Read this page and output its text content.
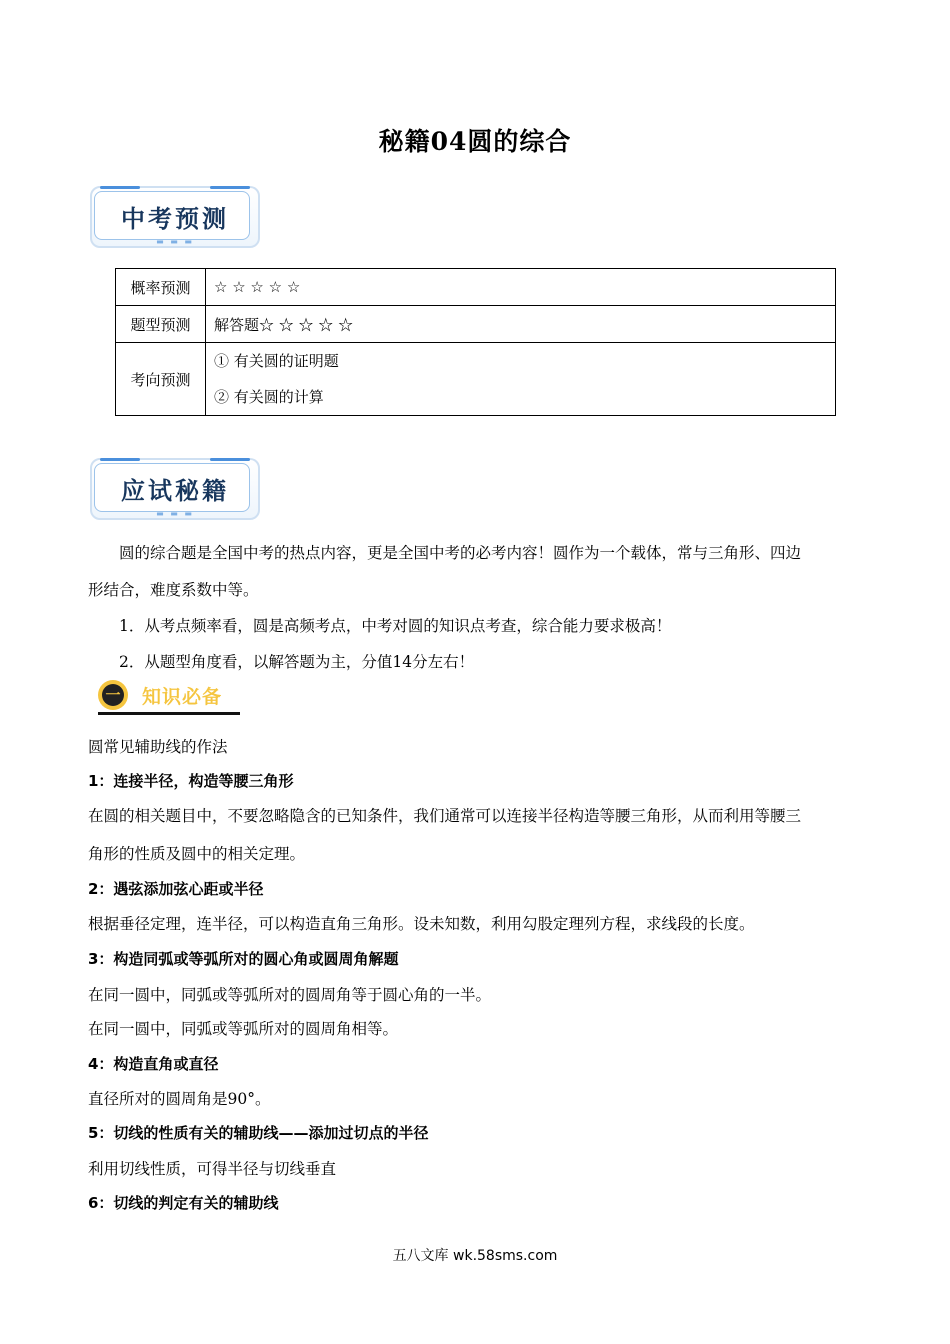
秘籍04圆的综合
中考预测
▬ ▬ ▬
概率预测	☆ ☆ ☆ ☆ ☆
题型预测	解答题☆ ☆ ☆ ☆ ☆
考向预测	① 有关圆的证明题
② 有关圆的计算
应试秘籍
▬ ▬ ▬
圆的综合题是全国中考的热点内容，更是全国中考的必考内容！圆作为一个载体，常与三角形、四边
形结合，难度系数中等。
1．从考点频率看，圆是高频考点，中考对圆的知识点考查，综合能力要求极高！
2．从题型角度看，以解答题为主，分值14分左右！
一 知识必备
圆常见辅助线的作法
1：连接半径，构造等腰三角形
在圆的相关题目中，不要忽略隐含的已知条件，我们通常可以连接半径构造等腰三角形，从而利用等腰三
角形的性质及圆中的相关定理。
2：遇弦添加弦心距或半径
根据垂径定理，连半径，可以构造直角三角形。设未知数，利用勾股定理列方程，求线段的长度。
3：构造同弧或等弧所对的圆心角或圆周角解题
在同一圆中，同弧或等弧所对的圆周角等于圆心角的一半。
在同一圆中，同弧或等弧所对的圆周角相等。
4：构造直角或直径
直径所对的圆周角是90°。
5：切线的性质有关的辅助线——添加过切点的半径
利用切线性质，可得半径与切线垂直
6：切线的判定有关的辅助线
五八文库 wk.58sms.com
